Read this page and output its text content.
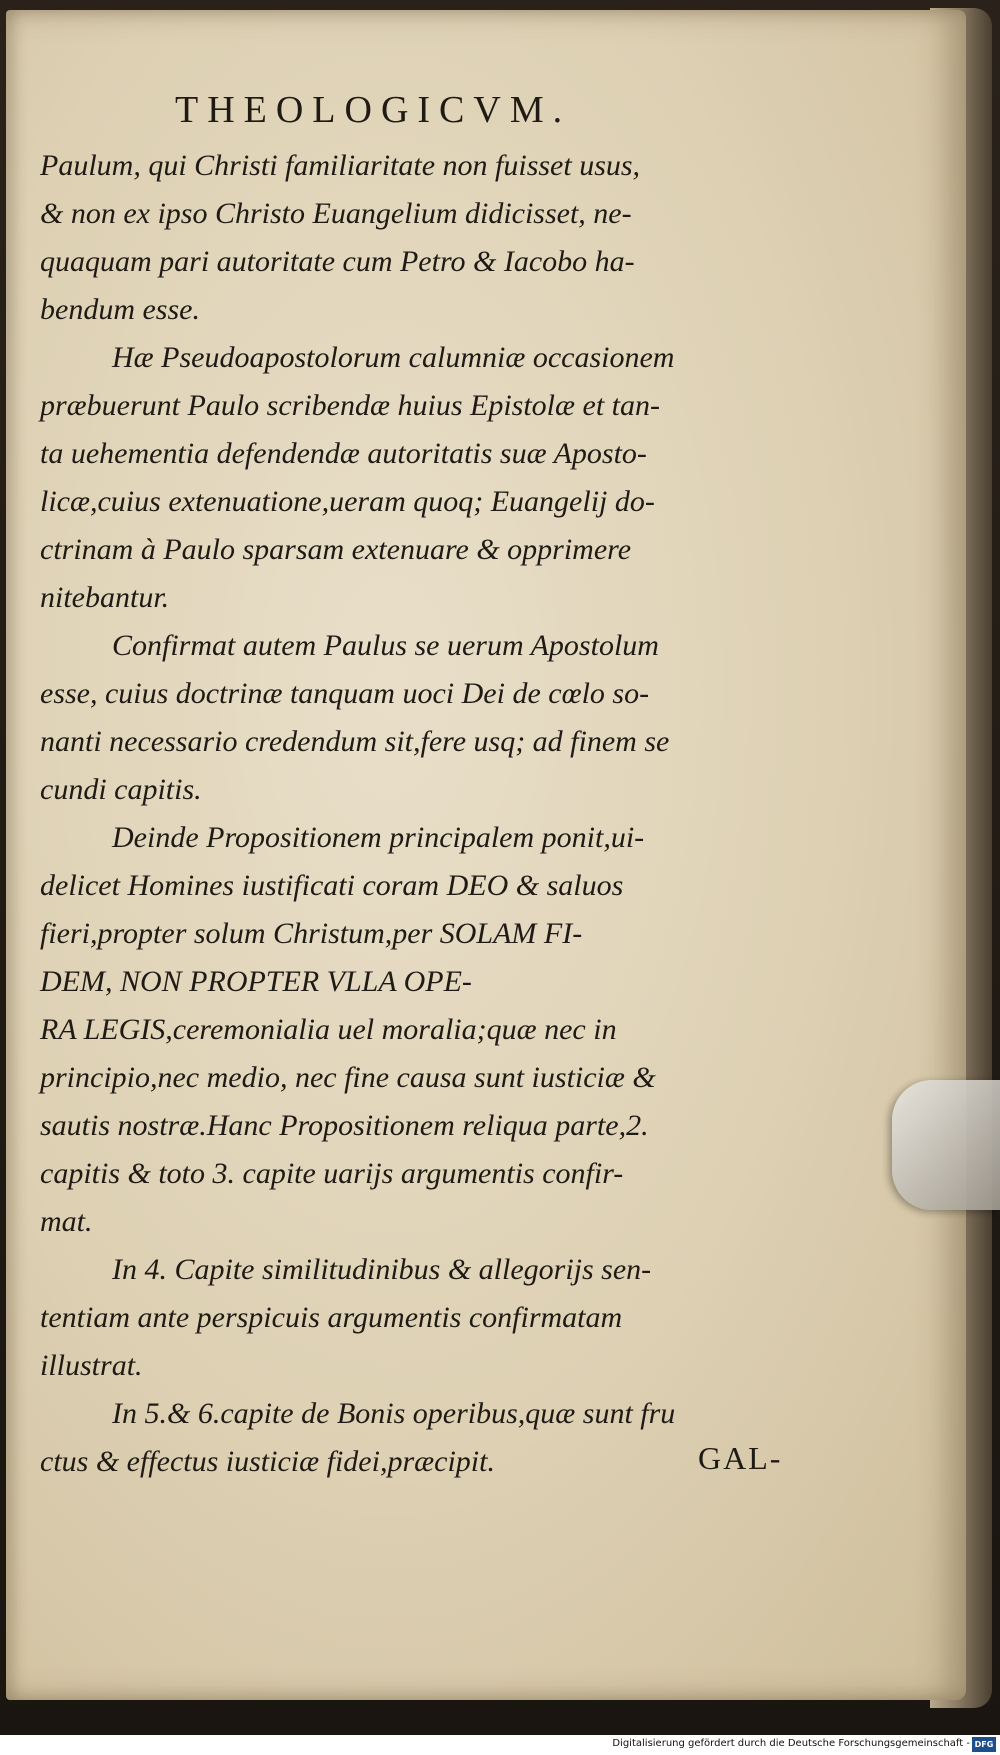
THEOLOGICVM.
Paulum, qui Christi familiaritate non fuisset usus,
& non ex ipso Christo Euangelium didicisset, ne-
quaquam pari autoritate cum Petro & Iacobo ha-
bendum esse.
Hæ Pseudoapostolorum calumniæ occasionem
præbuerunt Paulo scribendæ huius Epistolæ et tan-
ta uehementia defendendæ autoritatis suæ Aposto-
licæ,cuius extenuatione,ueram quoq; Euangelij do-
ctrinam à Paulo sparsam extenuare & opprimere
nitebantur.
Confirmat autem Paulus se uerum Apostolum
esse, cuius doctrinæ tanquam uoci Dei de cœlo so-
nanti necessario credendum sit,fere usq; ad finem se
cundi capitis.
Deinde Propositionem principalem ponit,ui-
delicet Homines iustificati coram DEO & saluos
fieri,propter solum Christum,per SOLAM FI-
DEM, NON PROPTER VLLA OPE-
RA LEGIS,ceremonialia uel moralia;quæ nec in
principio,nec medio, nec fine causa sunt iusticiæ &
sautis nostræ.Hanc Propositionem reliqua parte,2.
capitis & toto 3. capite uarijs argumentis confir-
mat.
In 4. Capite similitudinibus & allegorijs sen-
tentiam ante perspicuis argumentis confirmatam
illustrat.
In 5.& 6.capite de Bonis operibus,quæ sunt fru
ctus & effectus iusticiæ fidei,præcipit.	GAL-
Digitalisierung gefördert durch die Deutsche Forschungsgemeinschaft - DFG
